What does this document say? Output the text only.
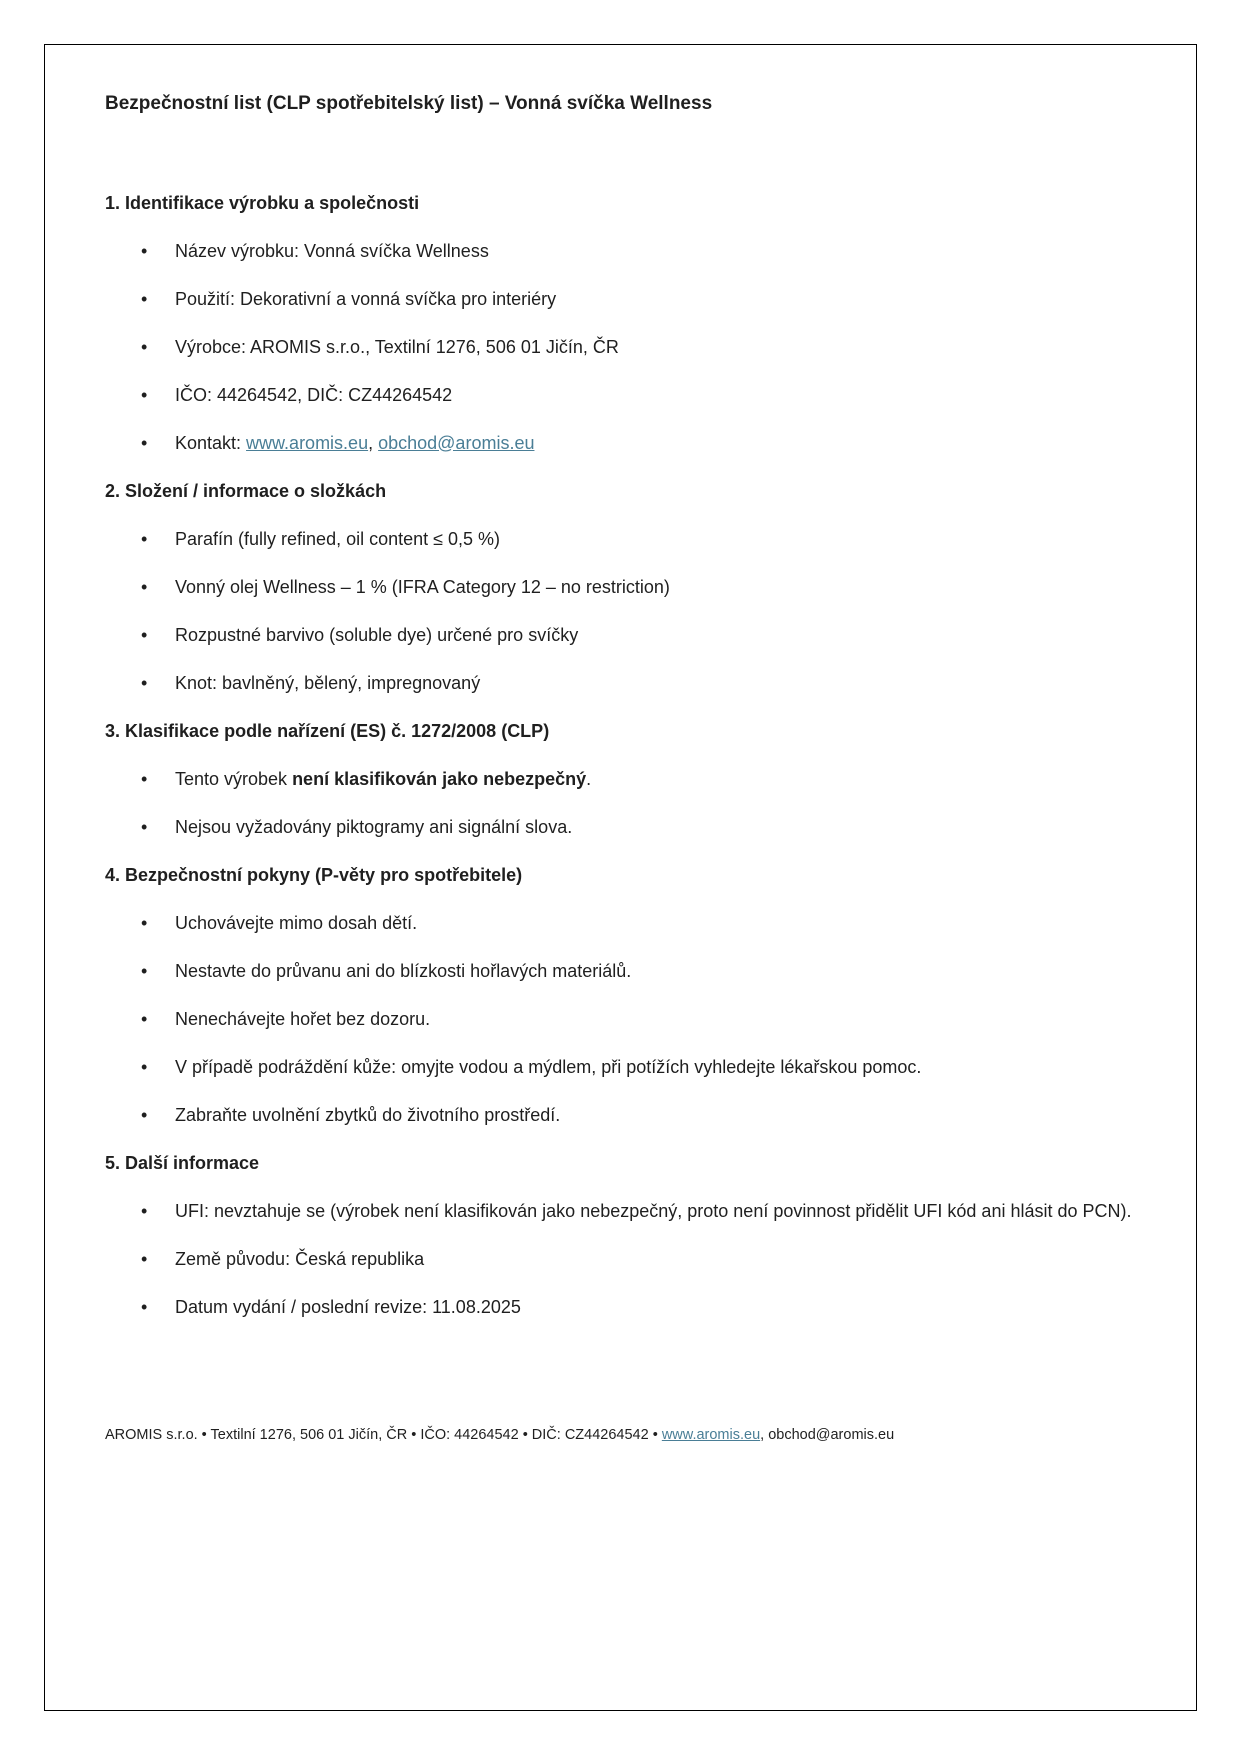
Bezpečnostní list (CLP spotřebitelský list) – Vonná svíčka Wellness
1. Identifikace výrobku a společnosti
• Název výrobku: Vonná svíčka Wellness
• Použití: Dekorativní a vonná svíčka pro interiéry
• Výrobce: AROMIS s.r.o., Textilní 1276, 506 01 Jičín, ČR
• IČO: 44264542, DIČ: CZ44264542
• Kontakt: www.aromis.eu, obchod@aromis.eu
2. Složení / informace o složkách
• Parafín (fully refined, oil content ≤ 0,5 %)
• Vonný olej Wellness – 1 % (IFRA Category 12 – no restriction)
• Rozpustné barvivo (soluble dye) určené pro svíčky
• Knot: bavlněný, bělený, impregnovaný
3. Klasifikace podle nařízení (ES) č. 1272/2008 (CLP)
• Tento výrobek není klasifikován jako nebezpečný.
• Nejsou vyžadovány piktogramy ani signální slova.
4. Bezpečnostní pokyny (P-věty pro spotřebitele)
• Uchovávejte mimo dosah dětí.
• Nestavte do průvanu ani do blízkosti hořlavých materiálů.
• Nenechávejte hořet bez dozoru.
• V případě podráždění kůže: omyjte vodou a mýdlem, při potížích vyhledejte lékařskou pomoc.
• Zabraňte uvolnění zbytků do životního prostředí.
5. Další informace
• UFI: nevztahuje se (výrobek není klasifikován jako nebezpečný, proto není povinnost přidělit UFI kód ani hlásit do PCN).
• Země původu: Česká republika
• Datum vydání / poslední revize: 11.08.2025
AROMIS s.r.o. • Textilní 1276, 506 01 Jičín, ČR • IČO: 44264542 • DIČ: CZ44264542 • www.aromis.eu, obchod@aromis.eu
